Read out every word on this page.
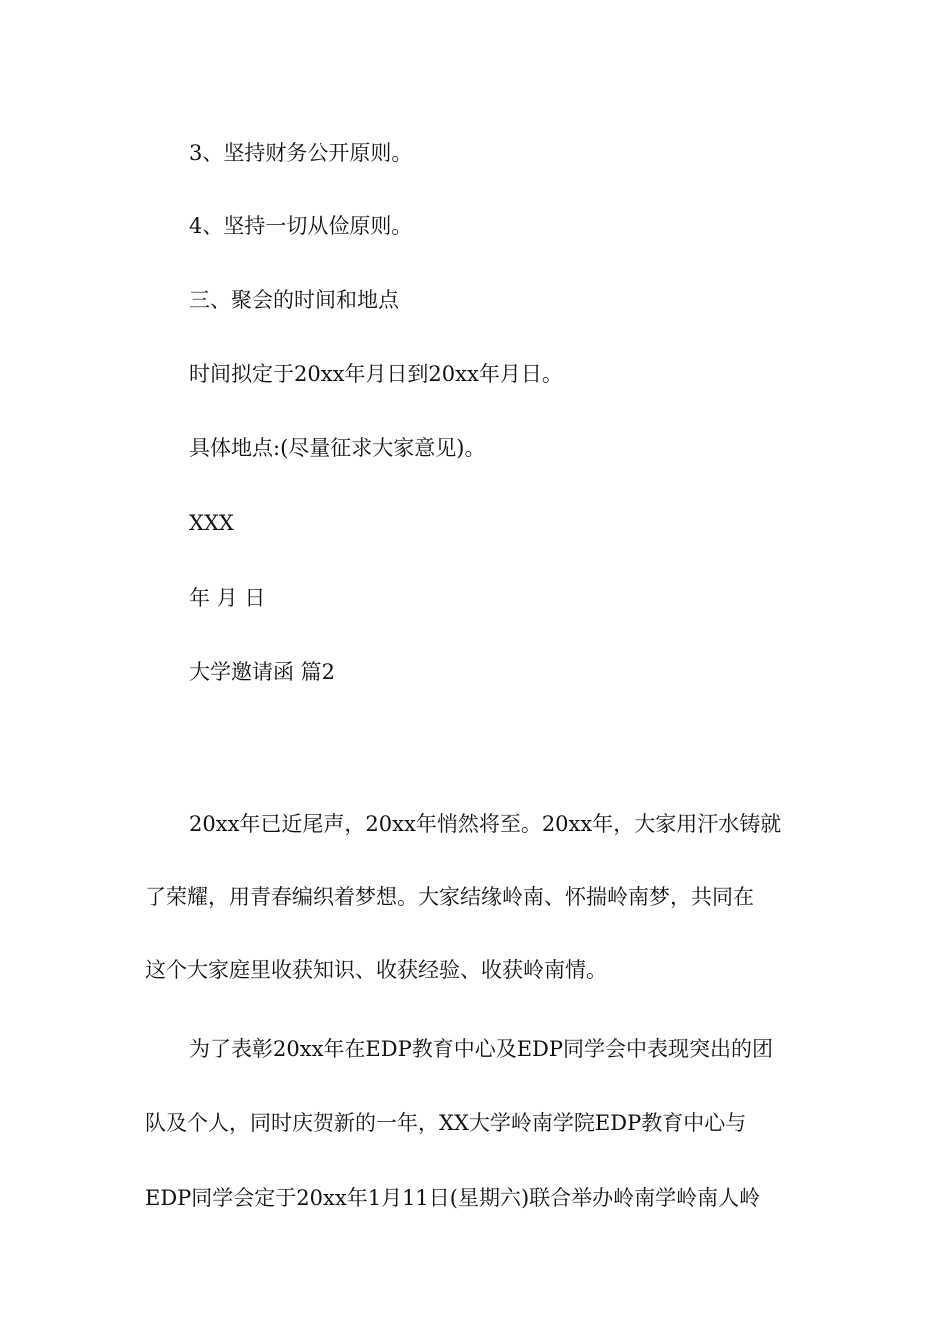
3、坚持财务公开原则。

4、坚持一切从俭原则。

三、聚会的时间和地点

时间拟定于20xx年月日到20xx年月日。

具体地点:(尽量征求大家意见)。

XXX

年 月 日

大学邀请函 篇2

20xx年已近尾声，20xx年悄然将至。20xx年，大家用汗水铸就

了荣耀，用青春编织着梦想。大家结缘岭南、怀揣岭南梦，共同在

这个大家庭里收获知识、收获经验、收获岭南情。

为了表彰20xx年在EDP教育中心及EDP同学会中表现突出的团

队及个人，同时庆贺新的一年，XX大学岭南学院EDP教育中心与

EDP同学会定于20xx年1月11日(星期六)联合举办岭南学岭南人岭
